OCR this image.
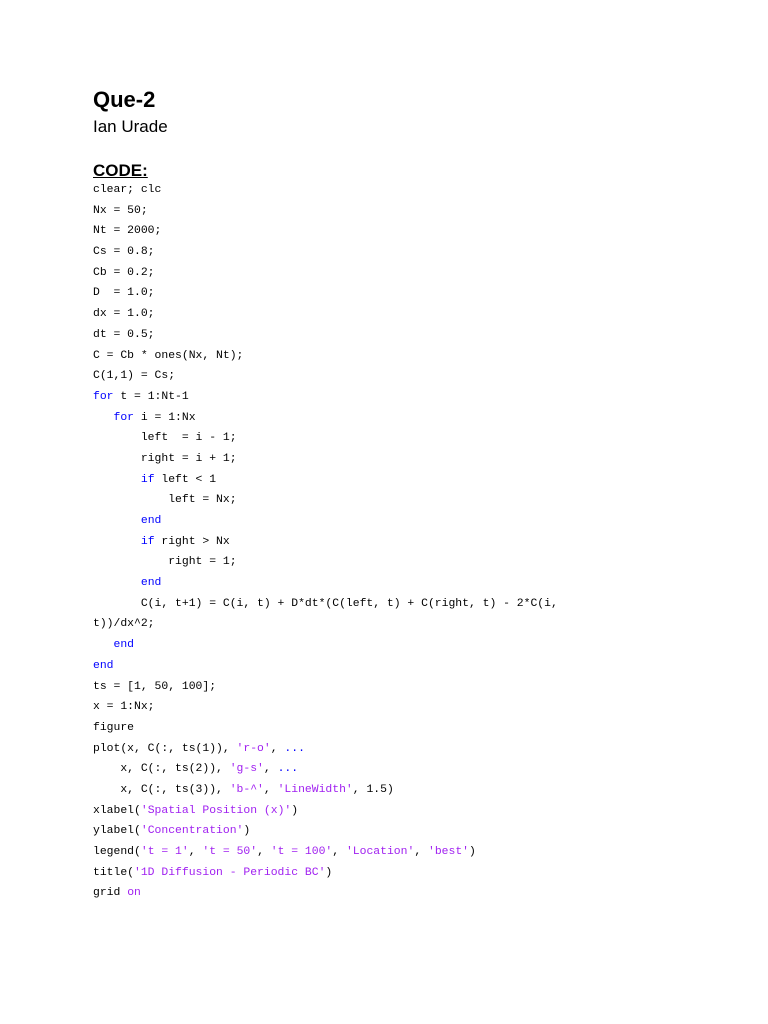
Que-2

Ian Urade

CODE:
clear; clc
Nx = 50;
Nt = 2000;
Cs = 0.8;
Cb = 0.2;
D  = 1.0;
dx = 1.0;
dt = 0.5;
C = Cb * ones(Nx, Nt);
C(1,1) = Cs;
for t = 1:Nt-1
for i = 1:Nx
left  = i - 1;
right = i + 1;
if left < 1
left = Nx;
end
if right > Nx
right = 1;
end
C(i, t+1) = C(i, t) + D*dt*(C(left, t) + C(right, t) - 2*C(i,
t))/dx^2;
end
end
ts = [1, 50, 100];
x = 1:Nx;
figure
plot(x, C(:, ts(1)), 'r-o', ...
x, C(:, ts(2)), 'g-s', ...
x, C(:, ts(3)), 'b-^', 'LineWidth', 1.5)
xlabel('Spatial Position (x)')
ylabel('Concentration')
legend('t = 1', 't = 50', 't = 100', 'Location', 'best')
title('1D Diffusion - Periodic BC')
grid on
